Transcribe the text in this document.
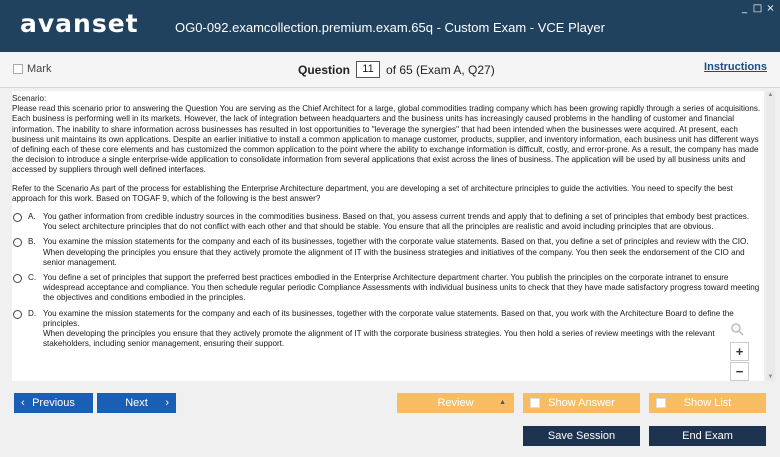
avanset	OG0-092.examcollection.premium.exam.65q - Custom Exam - VCE Player
_ □ ×
Mark	Question	11	of 65 (Exam A, Q27)	Instructions

Scenario:
Please read this scenario prior to answering the Question You are serving as the Chief Architect for a large, global commodities trading company which has been growing rapidly through a series of acquisitions. Each business is performing well in its markets. However, the lack of integration between headquarters and the business units has increasingly caused problems in the handling of customer and financial information. The inability to share information across businesses has resulted in lost opportunities to "leverage the synergies" that had been intended when the businesses were acquired. At present, each business unit maintains its own applications. Despite an earlier initiative to install a common application to manage customer, products, supplier, and inventory information, each business unit has different ways of defining each of these core elements and has customized the common application to the point where the ability to exchange information is difficult, costly, and error-prone. As a result, the company has made the decision to introduce a single enterprise-wide application to consolidate information from several applications that exist across the lines of business. The application will be used by all business units and accessed by suppliers through well defined interfaces.

Refer to the Scenario As part of the process for establishing the Enterprise Architecture department, you are developing a set of architecture principles to guide the activities. You need to specify the best approach for this work. Based on TOGAF 9, which of the following is the best answer?

A. You gather information from credible industry sources in the commodities business. Based on that, you assess current trends and apply that to defining a set of principles that embody best practices. You select architecture principles that do not conflict with each other and that should be stable. You ensure that all the principles are realistic and avoid including principles that are obvious.
B. You examine the mission statements for the company and each of its businesses, together with the corporate value statements. Based on that, you define a set of principles and review with the CIO. When developing the principles you ensure that they actively promote the alignment of IT with the business strategies and initiatives of the company. You then seek the endorsement of the CIO and senior management.
C. You define a set of principles that support the preferred best practices embodied in the Enterprise Architecture department charter. You publish the principles on the corporate intranet to ensure widespread acceptance and compliance. You then schedule regular periodic Compliance Assessments with individual business units to check that they have made satisfactory progress toward meeting the objectives and conditions embodied in the principles.
D. You examine the mission statements for the company and each of its businesses, together with the corporate value statements. Based on that, you work with the Architecture Board to define the principles.
When developing the principles you ensure that they actively promote the alignment of IT with the corporate business strategies. You then hold a series of review meetings with the relevant stakeholders, including senior management, ensuring their support.
+
−
▲
▼
‹ Previous	Next ›	Review	▲	Show Answer	Show List
Save Session	End Exam
